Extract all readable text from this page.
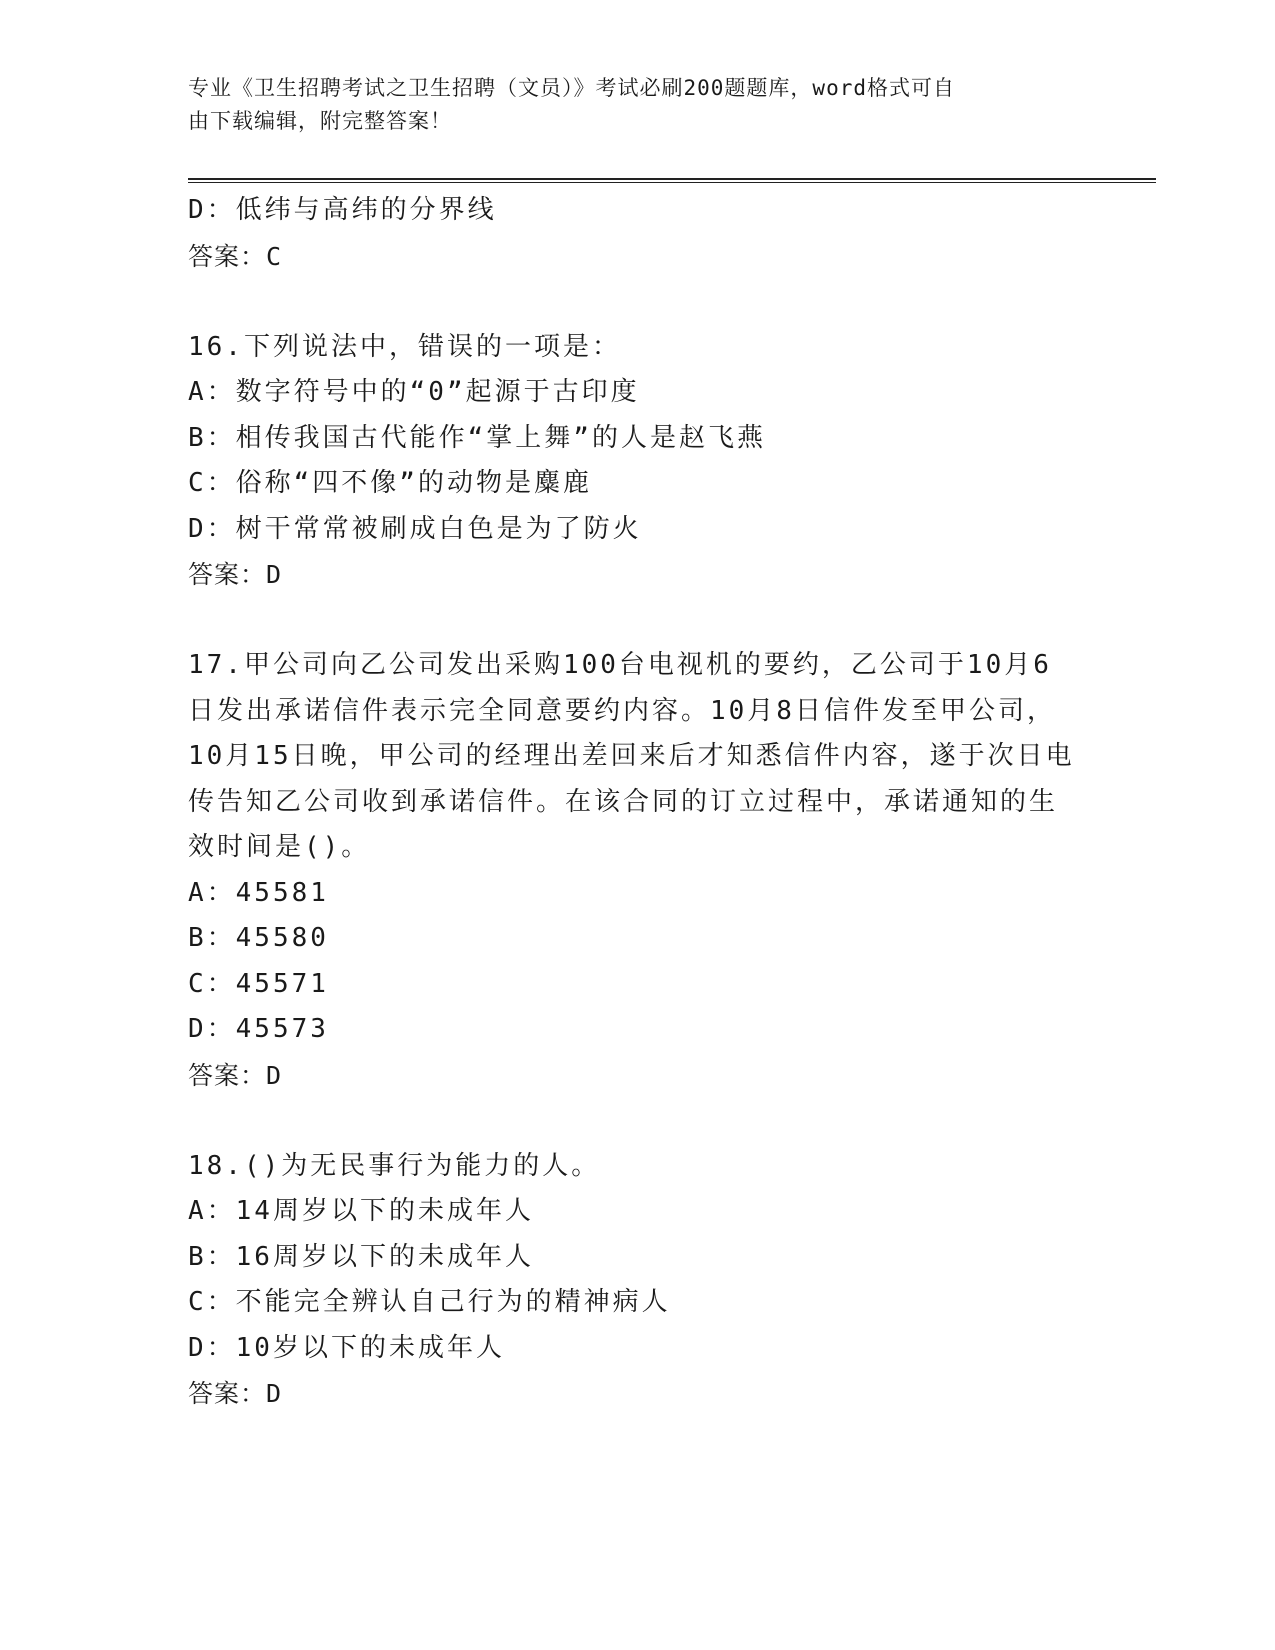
专业《卫生招聘考试之卫生招聘（文员）》考试必刷200题题库，word格式可自
由下载编辑，附完整答案！
D：低纬与高纬的分界线
答案：C
16.下列说法中，错误的一项是：
A：数字符号中的“0”起源于古印度
B：相传我国古代能作“掌上舞”的人是赵飞燕
C：俗称“四不像”的动物是麋鹿
D：树干常常被刷成白色是为了防火
答案：D
17.甲公司向乙公司发出采购100台电视机的要约，乙公司于10月6
日发出承诺信件表示完全同意要约内容。10月8日信件发至甲公司，
10月15日晚，甲公司的经理出差回来后才知悉信件内容，遂于次日电
传告知乙公司收到承诺信件。在该合同的订立过程中，承诺通知的生
效时间是()。
A：45581
B：45580
C：45571
D：45573
答案：D
18.()为无民事行为能力的人。
A：14周岁以下的未成年人
B：16周岁以下的未成年人
C：不能完全辨认自己行为的精神病人
D：10岁以下的未成年人
答案：D
